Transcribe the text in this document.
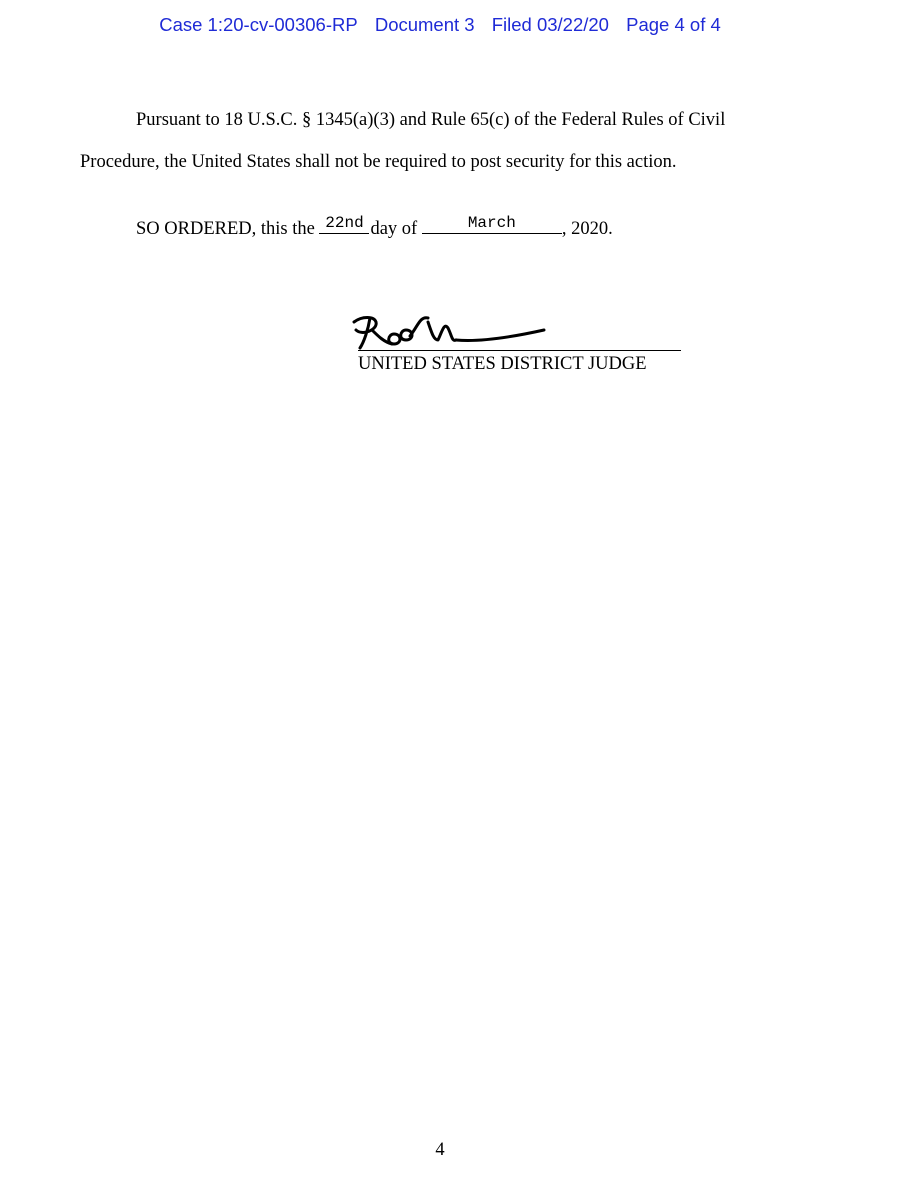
Case 1:20-cv-00306-RP Document 3 Filed 03/22/20 Page 4 of 4
Pursuant to 18 U.S.C. § 1345(a)(3) and Rule 65(c) of the Federal Rules of Civil
Procedure, the United States shall not be required to post security for this action.
SO ORDERED, this the 22nd day of	March	, 2020.
UNITED STATES DISTRICT JUDGE
4
